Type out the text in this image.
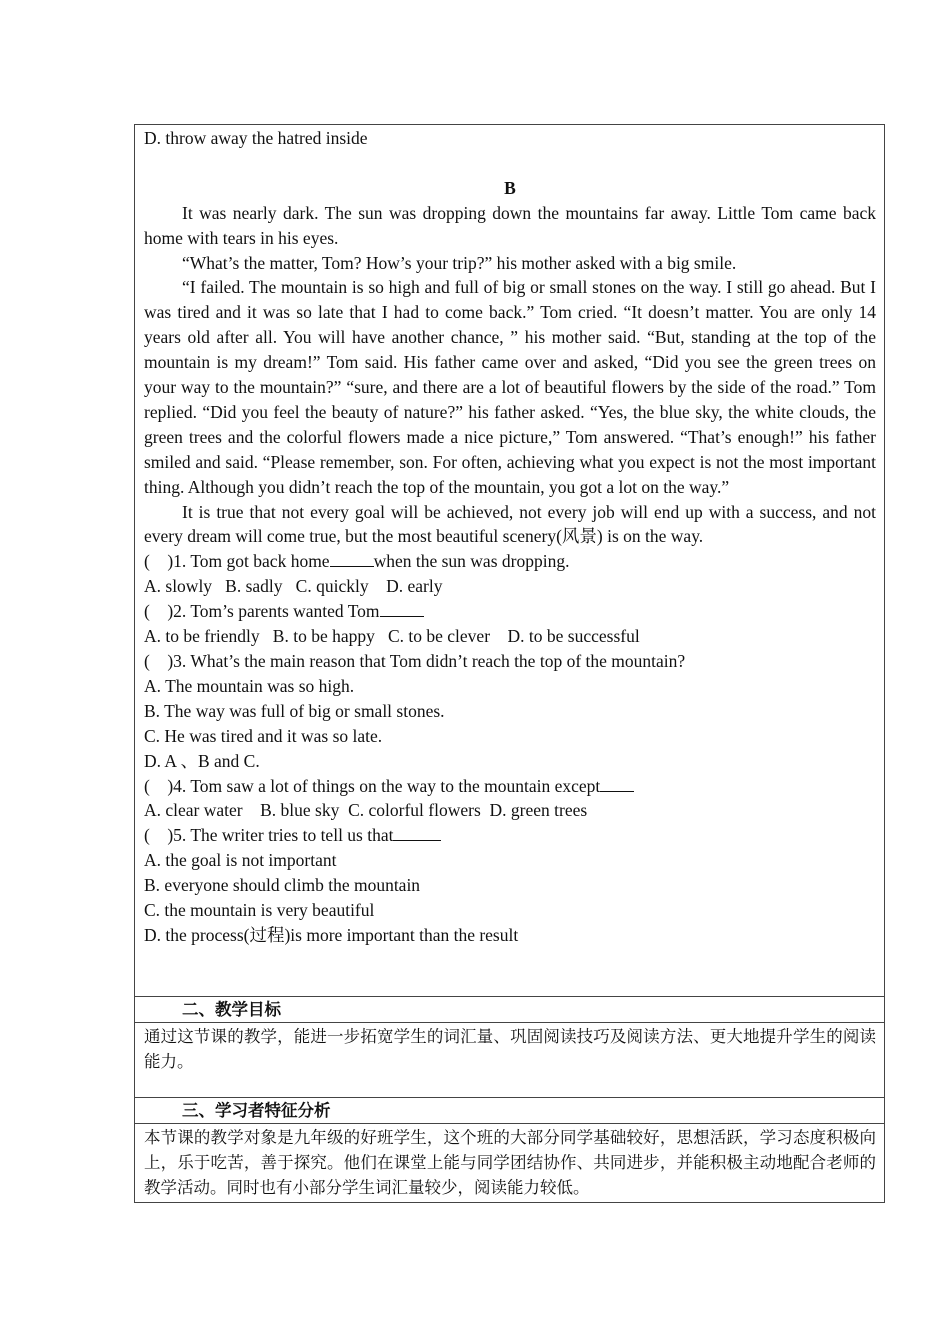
D. throw away the hatred inside

B

It was nearly dark. The sun was dropping down the mountains far away. Little Tom came back home with tears in his eyes.

“What’s the matter, Tom? How’s your trip?” his mother asked with a big smile.

“I failed. The mountain is so high and full of big or small stones on the way. I still go ahead. But I was tired and it was so late that I had to come back.” Tom cried. “It doesn’t matter. You are only 14 years old after all. You will have another chance, ” his mother said. “But, standing at the top of the mountain is my dream!” Tom said. His father came over and asked, “Did you see the green trees on your way to the mountain?” “sure, and there are a lot of beautiful flowers by the side of the road.” Tom replied. “Did you feel the beauty of nature?” his father asked. “Yes, the blue sky, the white clouds, the green trees and the colorful flowers made a nice picture,” Tom answered. “That’s enough!” his father smiled and said. “Please remember, son. For often, achieving what you expect is not the most important thing. Although you didn’t reach the top of the mountain, you got a lot on the way.”

It is true that not every goal will be achieved, not every job will end up with a success, and not every dream will come true, but the most beautiful scenery(风景) is on the way.

(    )1. Tom got back home	when the sun was dropping.

A. slowly   B. sadly   C. quickly    D. early

(    )2. Tom’s parents wanted Tom

A. to be friendly   B. to be happy   C. to be clever    D. to be successful

(    )3. What’s the main reason that Tom didn’t reach the top of the mountain?

A. The mountain was so high.

B. The way was full of big or small stones.

C. He was tired and it was so late.

D. A 、B and C.

(    )4. Tom saw a lot of things on the way to the mountain except

A. clear water    B. blue sky  C. colorful flowers  D. green trees

(    )5. The writer tries to tell us that

A. the goal is not important

B. everyone should climb the mountain

C. the mountain is very beautiful

D. the process(过程)is more important than the result

二、教学目标
通过这节课的教学，能进一步拓宽学生的词汇量、巩固阅读技巧及阅读方法、更大地提升学生的阅读能力。
三、学习者特征分析
本节课的教学对象是九年级的好班学生，这个班的大部分同学基础较好，思想活跃，学习态度积极向上，乐于吃苦，善于探究。他们在课堂上能与同学团结协作、共同进步，并能积极主动地配合老师的教学活动。同时也有小部分学生词汇量较少，阅读能力较低。
